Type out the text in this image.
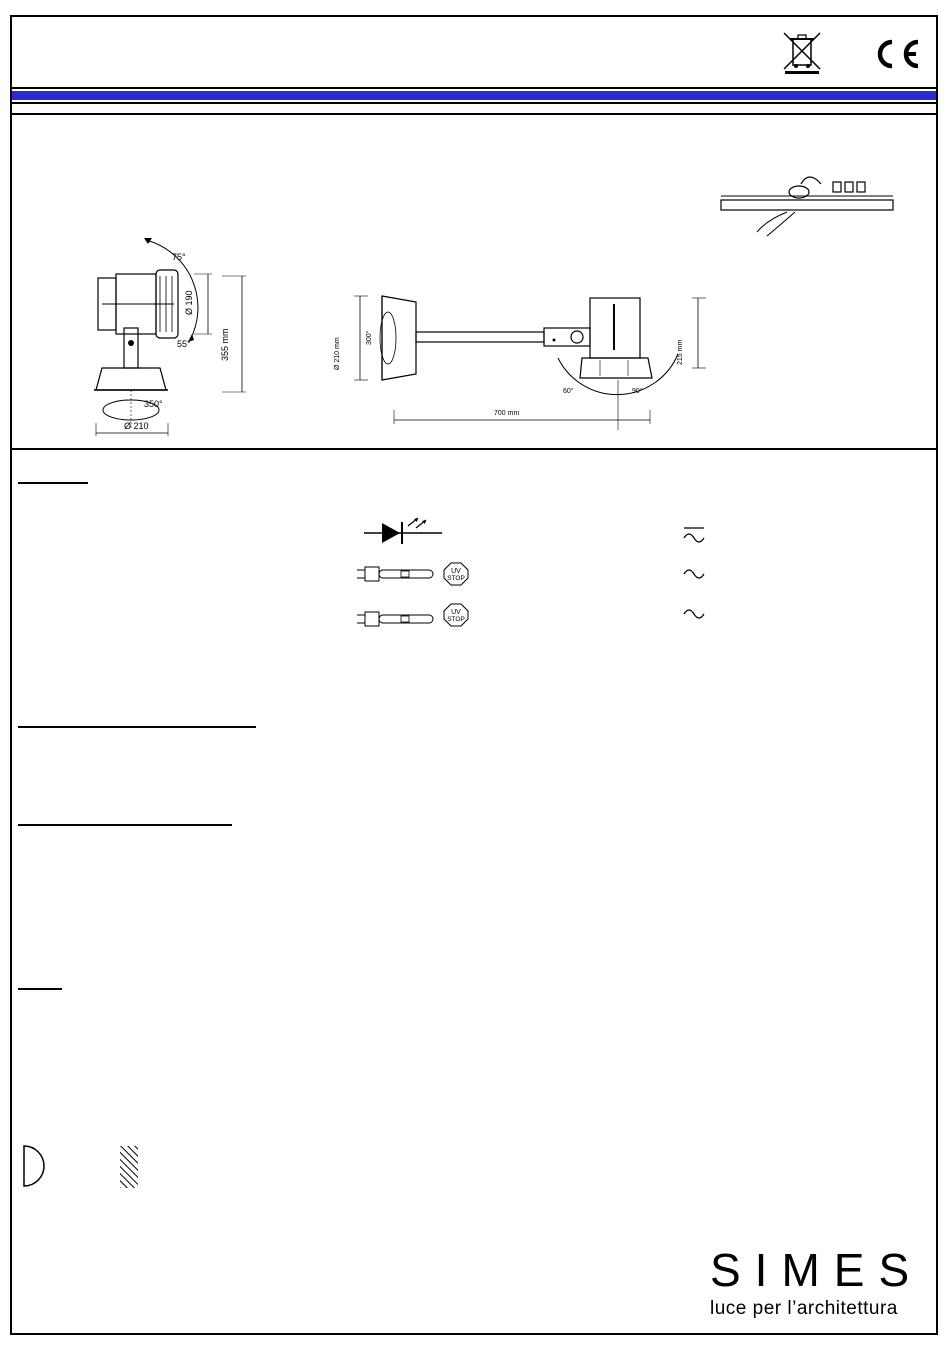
75°
55°
Ø 190
355 mm
350°
Ø 210
Ø 210 mm	300°
215 mm
60°	90°
700 mm
UV
STOP
UV
STOP
SIMES
luce per l’architettura
